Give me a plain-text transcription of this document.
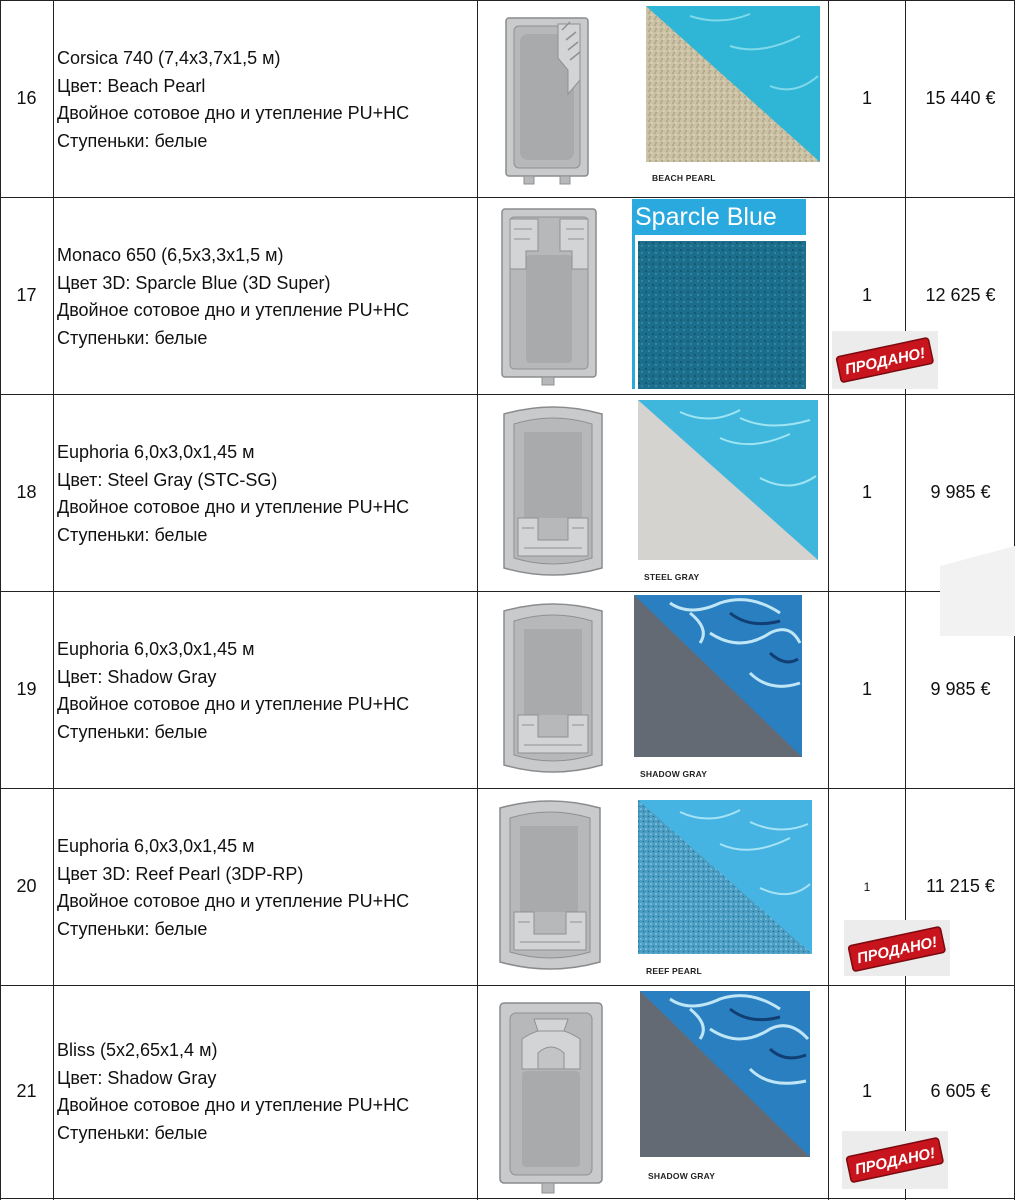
16
Corsica 740 (7,4х3,7х1,5 м)
Цвет: Beach Pearl
Двойное сотовое дно и утепление PU+HC
Ступеньки: белые
BEACH PEARL
1	15 440 €
17
Monaco 650 (6,5х3,3х1,5 м)
Цвет 3D: Sparcle Blue (3D Super)
Двойное сотовое дно и утепление PU+HC
Ступеньки: белые
Sparcle Blue
1	12 625 €
ПРОДАНО!
18
Euphoria 6,0х3,0х1,45 м
Цвет: Steel Gray (STC-SG)
Двойное сотовое дно и утепление PU+HC
Ступеньки: белые
STEEL GRAY
1	9 985 €
19
Euphoria 6,0х3,0х1,45 м
Цвет: Shadow Gray
Двойное сотовое дно и утепление PU+HC
Ступеньки: белые
SHADOW GRAY
1	9 985 €
20
Euphoria 6,0х3,0х1,45 м
Цвет 3D: Reef Pearl (3DP-RP)
Двойное сотовое дно и утепление PU+HC
Ступеньки: белые
REEF PEARL
1	11 215 €
ПРОДАНО!
21
Bliss (5х2,65х1,4 м)
Цвет: Shadow Gray
Двойное сотовое дно и утепление PU+HC
Ступеньки: белые
SHADOW GRAY
1	6 605 €
ПРОДАНО!
